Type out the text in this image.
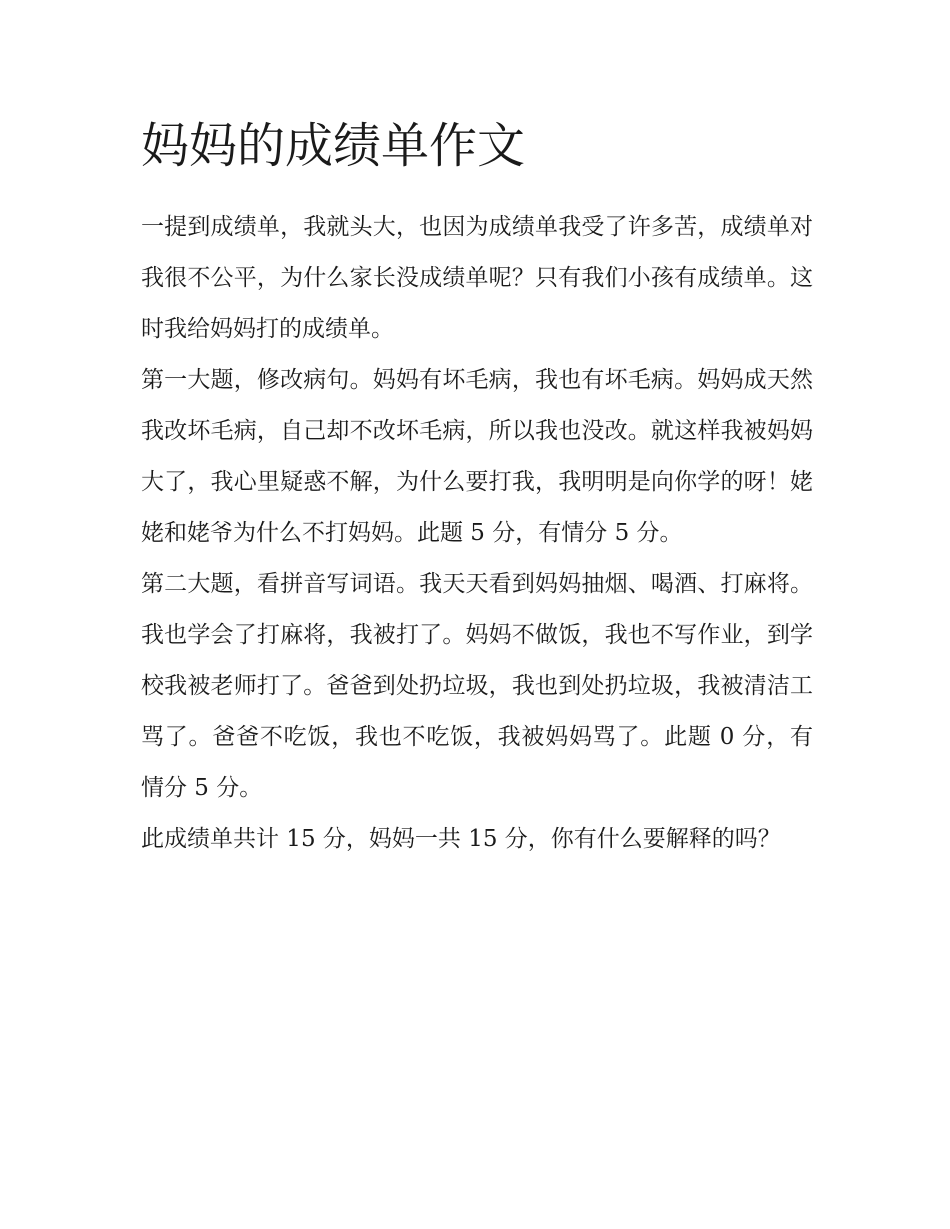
妈妈的成绩单作文

一提到成绩单，我就头大，也因为成绩单我受了许多苦，成绩单对我很不公平，为什么家长没成绩单呢？只有我们小孩有成绩单。这时我给妈妈打的成绩单。

第一大题，修改病句。妈妈有坏毛病，我也有坏毛病。妈妈成天然我改坏毛病，自己却不改坏毛病，所以我也没改。就这样我被妈妈大了，我心里疑惑不解，为什么要打我，我明明是向你学的呀！姥姥和姥爷为什么不打妈妈。此题 5 分，有情分 5 分。

第二大题，看拼音写词语。我天天看到妈妈抽烟、喝酒、打麻将。我也学会了打麻将，我被打了。妈妈不做饭，我也不写作业，到学校我被老师打了。爸爸到处扔垃圾，我也到处扔垃圾，我被清洁工骂了。爸爸不吃饭，我也不吃饭，我被妈妈骂了。此题 0 分，有情分 5 分。

此成绩单共计 15 分，妈妈一共 15 分，你有什么要解释的吗？
